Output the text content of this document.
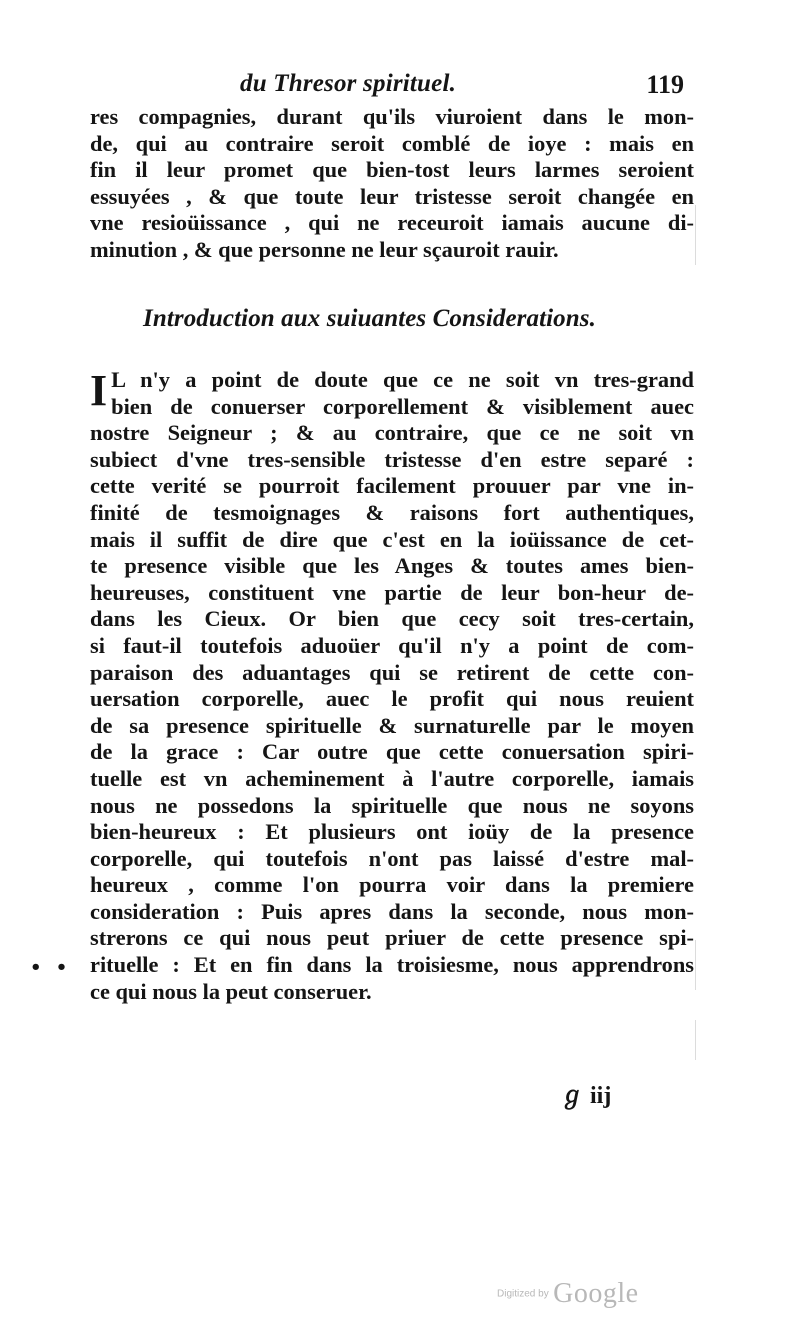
du Thresor spirituel.	119
res compagnies, durant qu'ils viuroient dans le mon-
de, qui au contraire seroit comblé de ioye : mais en
fin il leur promet que bien-tost leurs larmes seroient
essuyées , & que toute leur tristesse seroit changée en
vne resioüissance , qui ne receuroit iamais aucune di-
minution , & que personne ne leur sçauroit rauir.
Introduction aux suiuantes Considerations.
I L n'y a point de doute que ce ne soit vn tres-grand
bien de conuerser corporellement & visiblement auec
nostre Seigneur ; & au contraire, que ce ne soit vn
subiect d'vne tres-sensible tristesse d'en estre separé :
cette verité se pourroit facilement prouuer par vne in-
finité de tesmoignages & raisons fort authentiques,
mais il suffit de dire que c'est en la ioüissance de cet-
te presence visible que les Anges & toutes ames bien-
heureuses, constituent vne partie de leur bon-heur de-
dans les Cieux. Or bien que cecy soit tres-certain,
si faut-il toutefois aduoüer qu'il n'y a point de com-
paraison des aduantages qui se retirent de cette con-
uersation corporelle, auec le profit qui nous reuient
de sa presence spirituelle & surnaturelle par le moyen
de la grace : Car outre que cette conuersation spiri-
tuelle est vn acheminement à l'autre corporelle, iamais
nous ne possedons la spirituelle que nous ne soyons
bien-heureux : Et plusieurs ont ioüy de la presence
corporelle, qui toutefois n'ont pas laissé d'estre mal-
heureux , comme l'on pourra voir dans la premiere
consideration : Puis apres dans la seconde, nous mon-
strerons ce qui nous peut priuer de cette presence spi-
rituelle : Et en fin dans la troisiesme, nous apprendrons
ce qui nous la peut conseruer.
• •
ℊ iij
Digitized by Google
